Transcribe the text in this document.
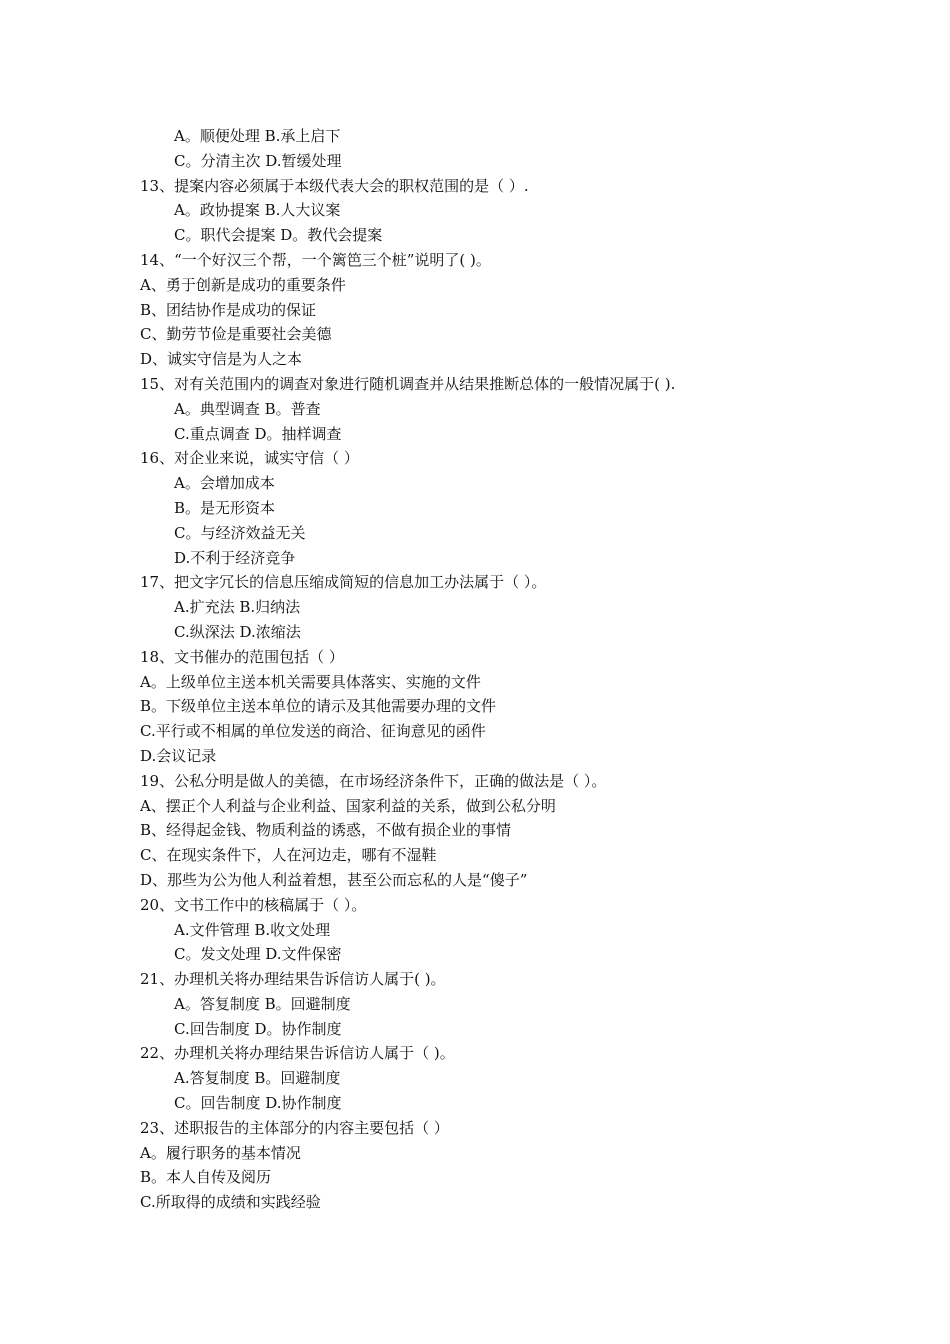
A。顺便处理 B.承上启下
C。分清主次 D.暂缓处理
13、提案内容必须属于本级代表大会的职权范围的是（ ）.
A。政协提案 B.人大议案
C。职代会提案 D。教代会提案
14、“一个好汉三个帮，一个篱笆三个桩”说明了( )。
A、勇于创新是成功的重要条件
B、团结协作是成功的保证
C、勤劳节俭是重要社会美德
D、诚实守信是为人之本
15、对有关范围内的调查对象进行随机调查并从结果推断总体的一般情况属于( ).
A。典型调查 B。普查
C.重点调查 D。抽样调查
16、对企业来说，诚实守信（ ）
A。会增加成本
B。是无形资本
C。与经济效益无关
D.不利于经济竞争
17、把文字冗长的信息压缩成简短的信息加工办法属于（ ）。
A.扩充法 B.归纳法
C.纵深法 D.浓缩法
18、文书催办的范围包括（ ）
A。上级单位主送本机关需要具体落实、实施的文件
B。下级单位主送本单位的请示及其他需要办理的文件
C.平行或不相属的单位发送的商洽、征询意见的函件
D.会议记录
19、公私分明是做人的美德，在市场经济条件下，正确的做法是（ ）。
A、摆正个人利益与企业利益、国家利益的关系，做到公私分明
B、经得起金钱、物质利益的诱惑，不做有损企业的事情
C、在现实条件下，人在河边走，哪有不湿鞋
D、那些为公为他人利益着想，甚至公而忘私的人是“傻子”
20、文书工作中的核稿属于（ ）。
A.文件管理 B.收文处理
C。发文处理 D.文件保密
21、办理机关将办理结果告诉信访人属于( )。
A。答复制度 B。回避制度
C.回告制度 D。协作制度
22、办理机关将办理结果告诉信访人属于（ )。
A.答复制度 B。回避制度
C。回告制度 D.协作制度
23、述职报告的主体部分的内容主要包括（ ）
A。履行职务的基本情况
B。本人自传及阅历
C.所取得的成绩和实践经验
